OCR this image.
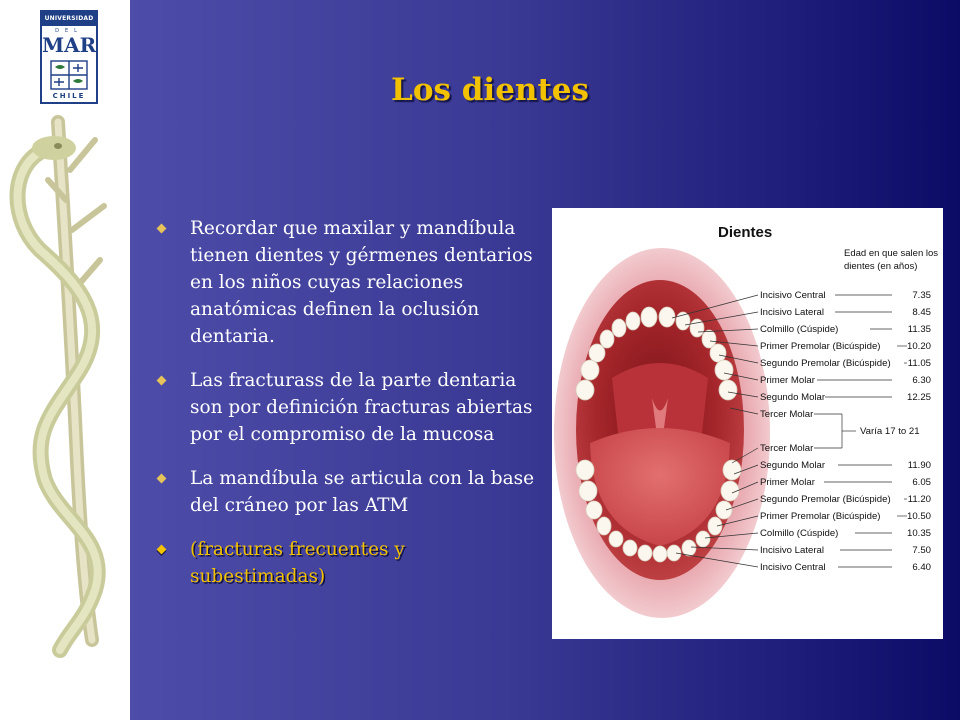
UNIVERSIDAD
DEL
MAR
CHILE	Los dientes
Recordar que maxilar y mandíbula tienen dientes y gérmenes dentarios en los niños cuyas relaciones anatómicas definen la oclusión dentaria.
Las fracturass de la parte dentaria son por definición fracturas abiertas por el compromiso de la mucosa
La mandíbula se articula con la base del cráneo por las ATM
(fracturas frecuentes y subestimadas)
Dientes
Edad en que salen los dientes (en años)
Incisivo Central	7.35
Incisivo Lateral	8.45
Colmillo (Cúspide)	11.35
Primer Premolar (Bicúspide)	10.20
Segundo Premolar (Bicúspide)	11.05
Primer Molar	6.30
Segundo Molar	12.25
Tercer Molar
Varía 17 to 21
Tercer Molar
Segundo Molar	11.90
Primer Molar	6.05
Segundo Premolar (Bicúspide)	11.20
Primer Premolar (Bicúspide)	10.50
Colmillo (Cúspide)	10.35
Incisivo Lateral	7.50
Incisivo Central	6.40
